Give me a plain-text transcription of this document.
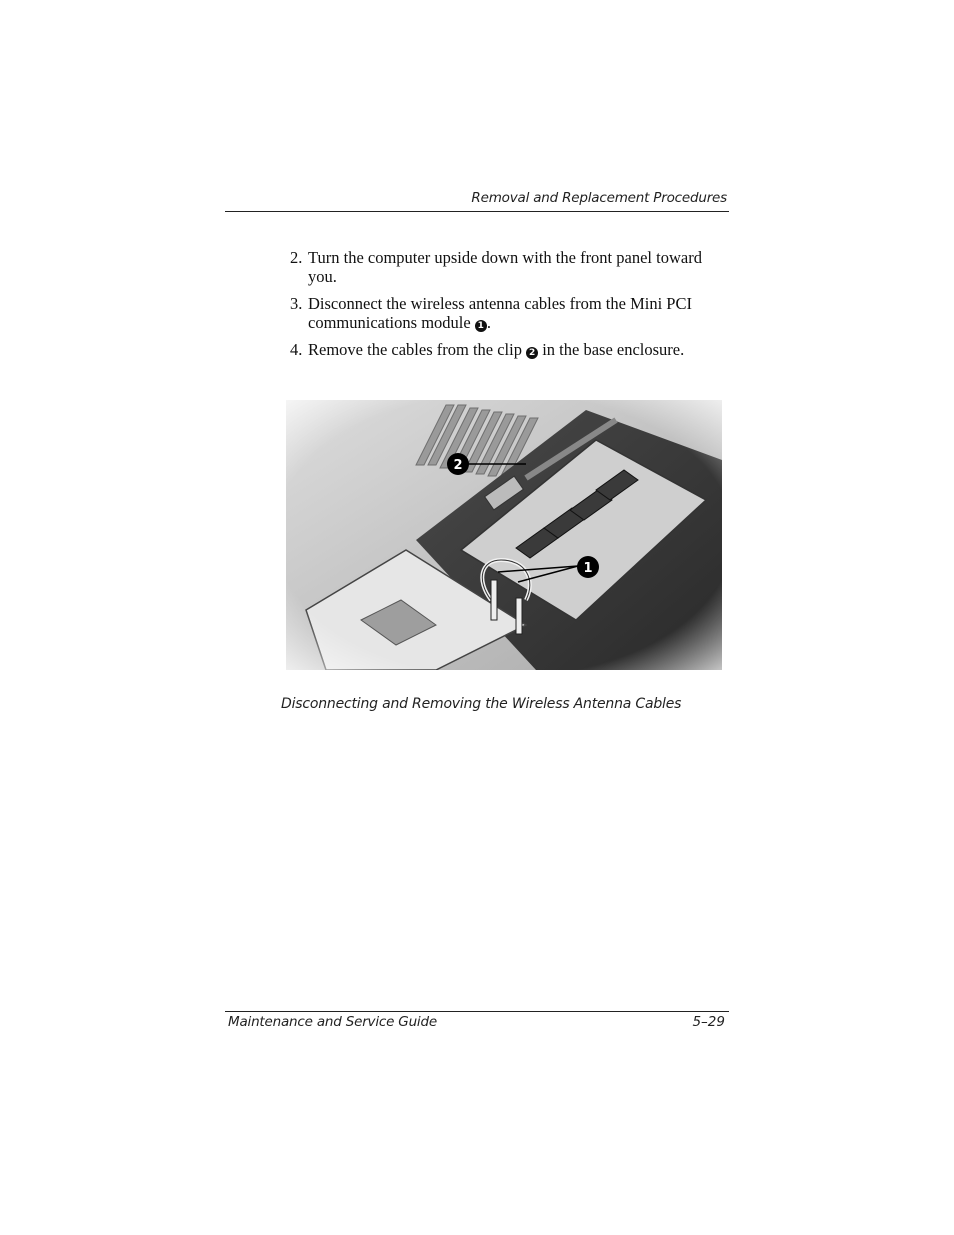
Removal and Replacement Procedures
2. Turn the computer upside down with the front panel toward you.
3. Disconnect the wireless antenna cables from the Mini PCI communications module 1 .
4. Remove the cables from the clip 2 in the base enclosure.
Disconnecting and Removing the Wireless Antenna Cables
Maintenance and Service Guide	5–29
